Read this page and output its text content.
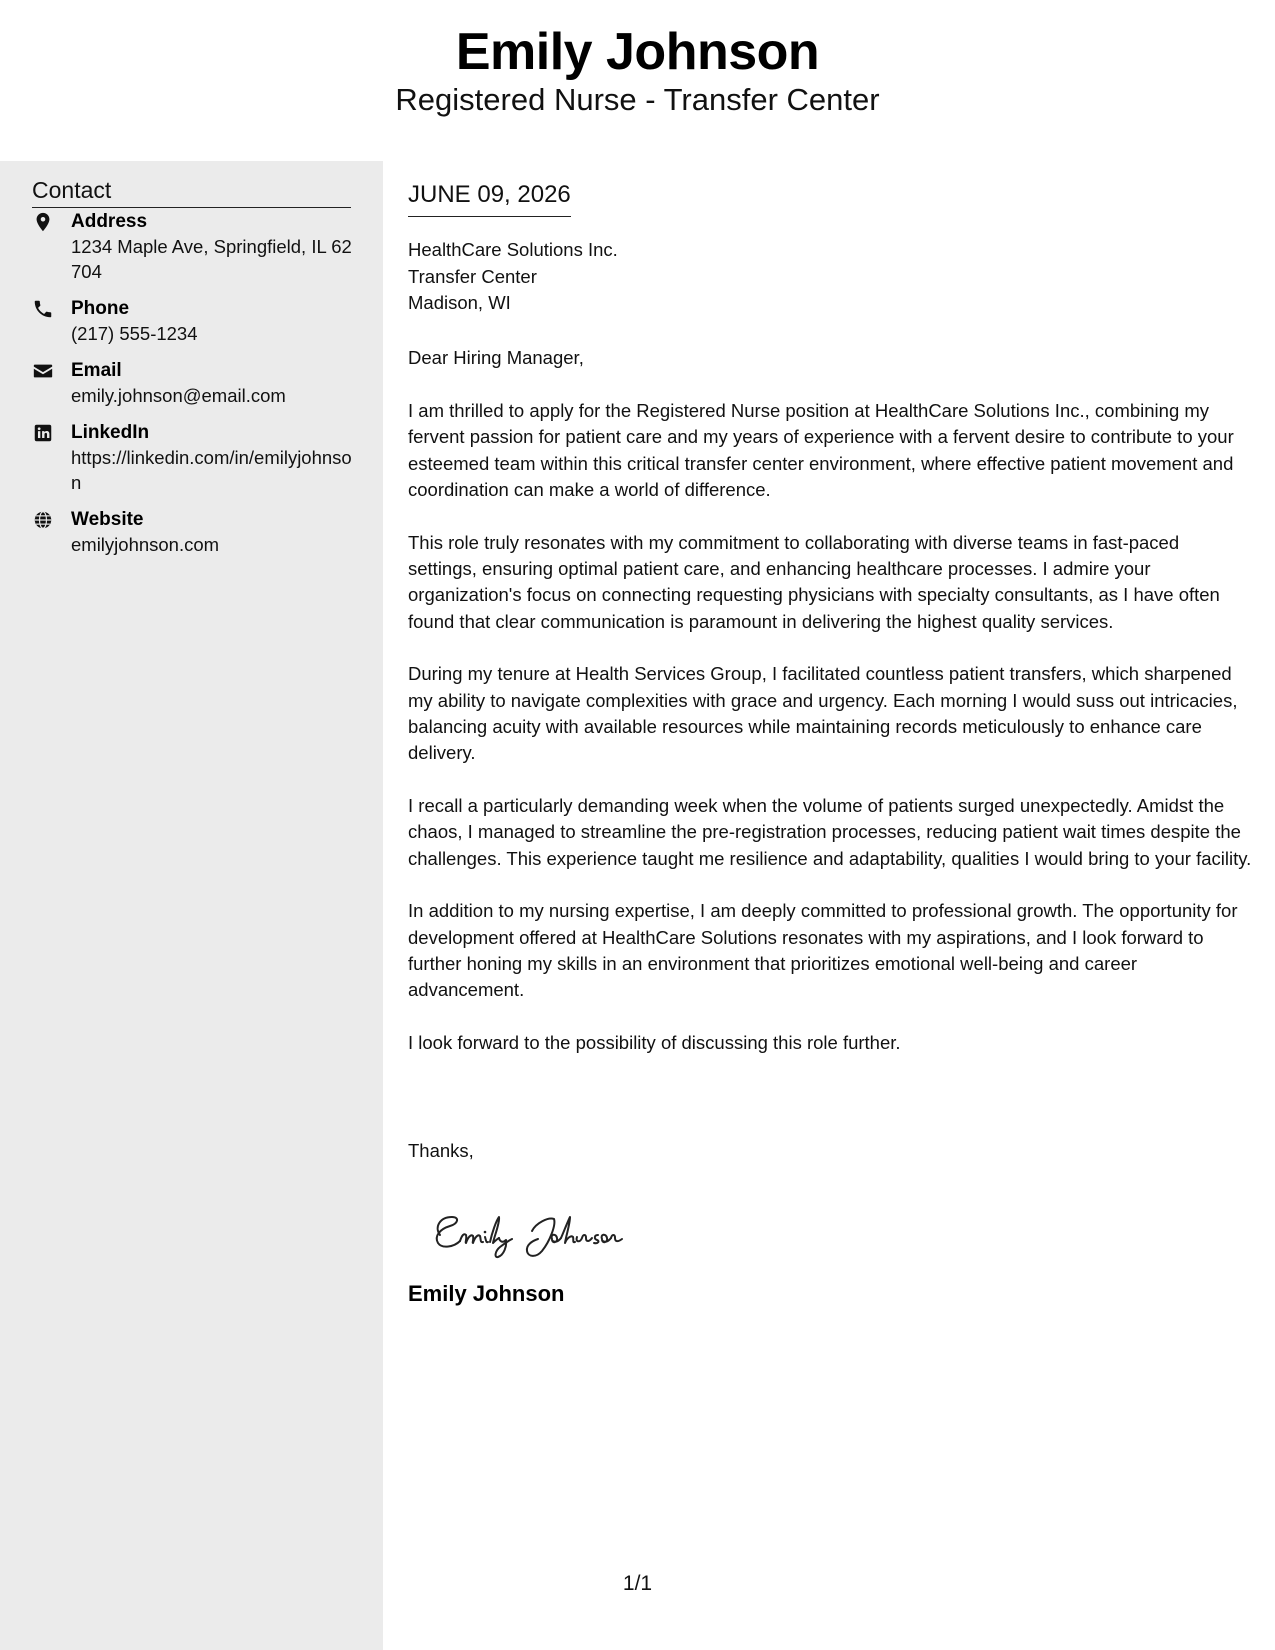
Emily Johnson
Registered Nurse - Transfer Center
Contact
Address
1234 Maple Ave, Springfield, IL 62704
Phone
(217) 555-1234
Email
emily.johnson@email.com
LinkedIn
https://linkedin.com/in/emilyjohnson
Website
emilyjohnson.com
JUNE 09, 2026
HealthCare Solutions Inc.
Transfer Center
Madison, WI
Dear Hiring Manager,

I am thrilled to apply for the Registered Nurse position at HealthCare Solutions Inc., combining my fervent passion for patient care and my years of experience with a fervent desire to contribute to your esteemed team within this critical transfer center environment, where effective patient movement and coordination can make a world of difference.

This role truly resonates with my commitment to collaborating with diverse teams in fast-paced settings, ensuring optimal patient care, and enhancing healthcare processes. I admire your organization's focus on connecting requesting physicians with specialty consultants, as I have often found that clear communication is paramount in delivering the highest quality services.

During my tenure at Health Services Group, I facilitated countless patient transfers, which sharpened my ability to navigate complexities with grace and urgency. Each morning I would suss out intricacies, balancing acuity with available resources while maintaining records meticulously to enhance care delivery.

I recall a particularly demanding week when the volume of patients surged unexpectedly. Amidst the chaos, I managed to streamline the pre-registration processes, reducing patient wait times despite the challenges. This experience taught me resilience and adaptability, qualities I would bring to your facility.

In addition to my nursing expertise, I am deeply committed to professional growth. The opportunity for development offered at HealthCare Solutions resonates with my aspirations, and I look forward to further honing my skills in an environment that prioritizes emotional well-being and career advancement.

I look forward to the possibility of discussing this role further.

Thanks,
Emily Johnson
1/1
